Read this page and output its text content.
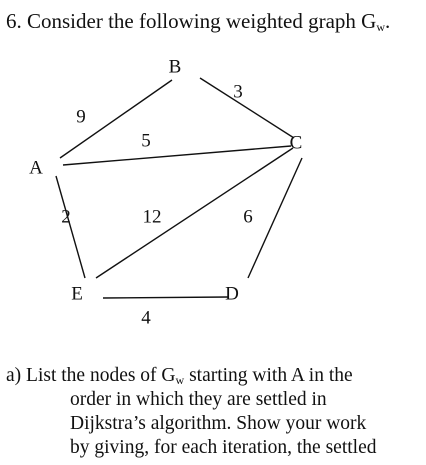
6. Consider the following weighted graph $G_w$.
9
3
5
2	12	6
4
A
B
C
D
E
a) List the nodes of $G_w$ starting with A in the
order in which they are settled in
Dijkstra’s algorithm. Show your work
by giving, for each iteration, the settled
